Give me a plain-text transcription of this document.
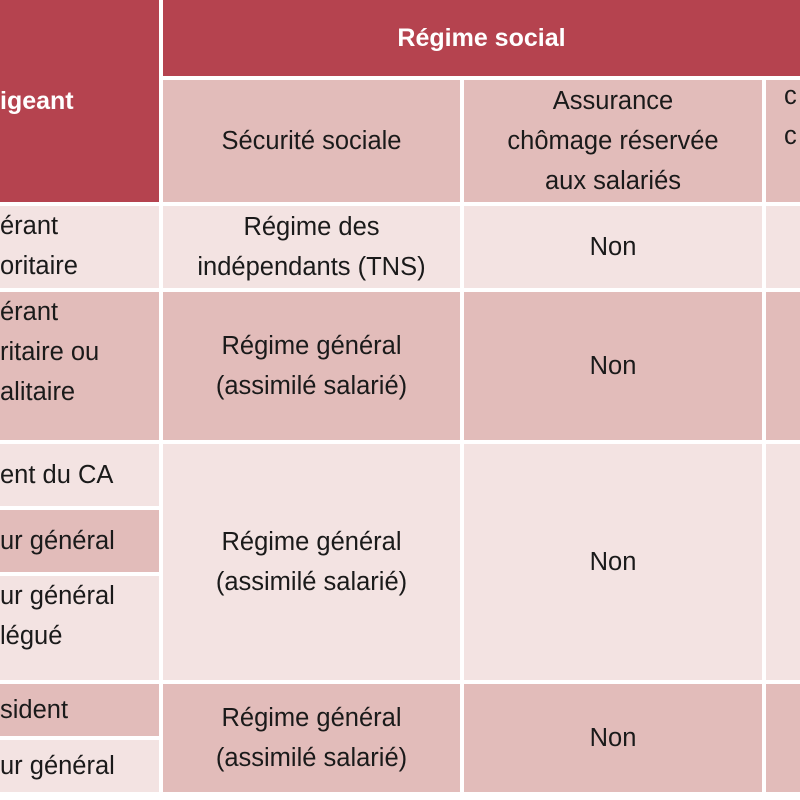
igeant
Régime social
Sécurité sociale
Assurance
chômage réservée
aux salariés
c
c
érant
oritaire
Régime des
indépendants (TNS)
Non
érant
ritaire ou
alitaire
Régime général
(assimilé salarié)
Non
ent du CA
ur général
ur général
légué
Régime général
(assimilé salarié)
Non
sident
ur général
Régime général
(assimilé salarié)
Non
